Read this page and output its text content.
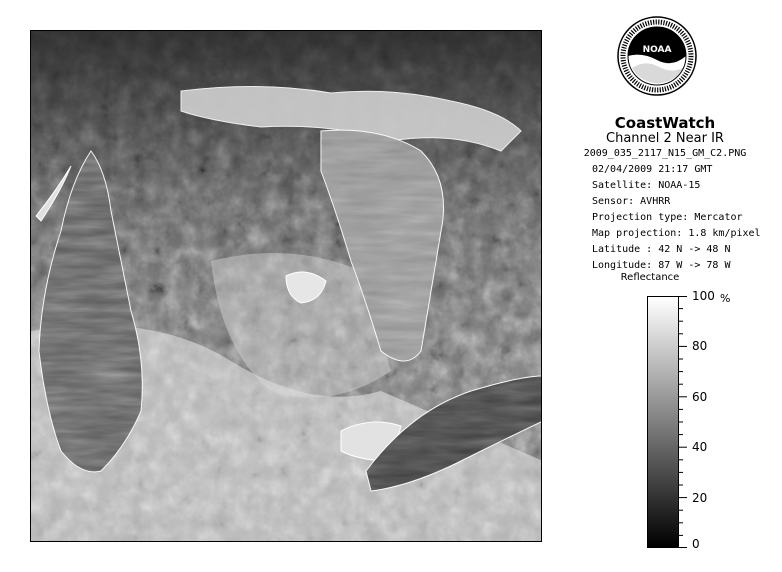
NOAA
CoastWatch
Channel 2 Near IR
2009_035_2117_N15_GM_C2.PNG
02/04/2009 21:17 GMT
Satellite: NOAA-15
Sensor: AVHRR
Projection type: Mercator
Map projection: 1.8 km/pixel
Latitude : 42 N -> 48 N
Longitude: 87 W -> 78 W
Reflectance
%
100
80
60
40
20
0
